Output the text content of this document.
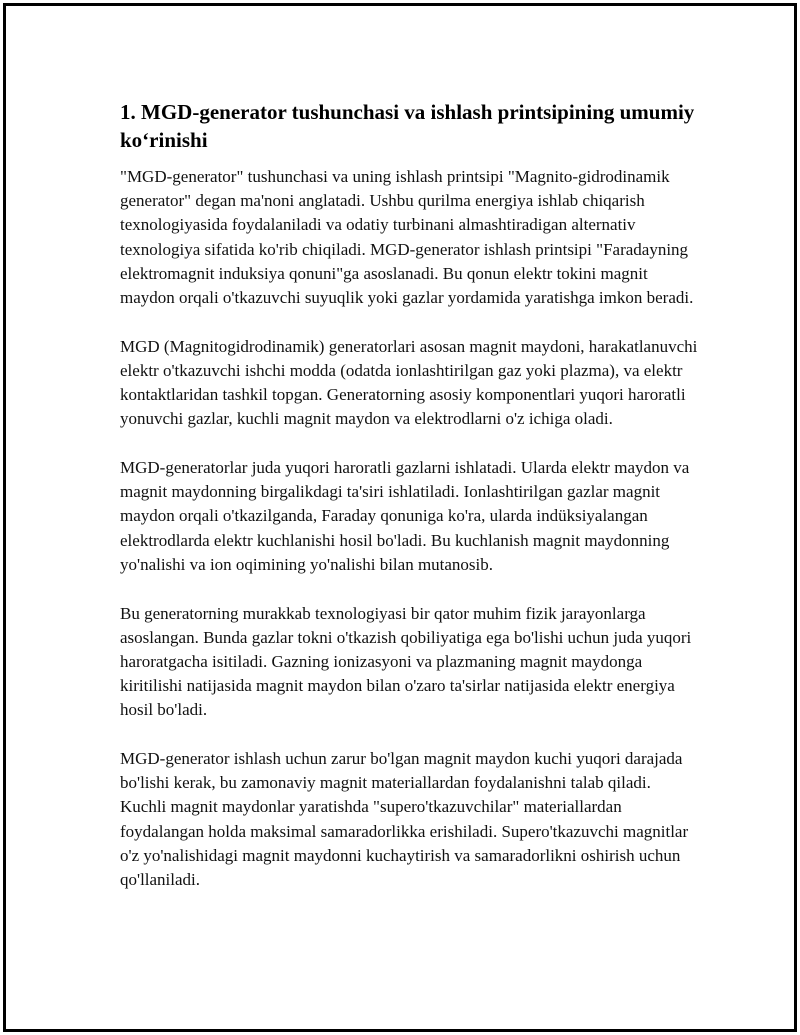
1. MGD-generator tushunchasi va ishlash printsipining umumiy ko‘rinishi

"MGD-generator" tushunchasi va uning ishlash printsipi "Magnito-gidrodinamik generator" degan ma'noni anglatadi. Ushbu qurilma energiya ishlab chiqarish texnologiyasida foydalaniladi va odatiy turbinani almashtiradigan alternativ texnologiya sifatida ko'rib chiqiladi. MGD-generator ishlash printsipi "Faradayning elektromagnit induksiya qonuni"ga asoslanadi. Bu qonun elektr tokini magnit maydon orqali o'tkazuvchi suyuqlik yoki gazlar yordamida yaratishga imkon beradi.

MGD (Magnitogidrodinamik) generatorlari asosan magnit maydoni, harakatlanuvchi elektr o'tkazuvchi ishchi modda (odatda ionlashtirilgan gaz yoki plazma), va elektr kontaktlaridan tashkil topgan. Generatorning asosiy komponentlari yuqori haroratli yonuvchi gazlar, kuchli magnit maydon va elektrodlarni o'z ichiga oladi.

MGD-generatorlar juda yuqori haroratli gazlarni ishlatadi. Ularda elektr maydon va magnit maydonning birgalikdagi ta'siri ishlatiladi. Ionlashtirilgan gazlar magnit maydon orqali o'tkazilganda, Faraday qonuniga ko'ra, ularda indüksiyalangan elektrodlarda elektr kuchlanishi hosil bo'ladi. Bu kuchlanish magnit maydonning yo'nalishi va ion oqimining yo'nalishi bilan mutanosib.

Bu generatorning murakkab texnologiyasi bir qator muhim fizik jarayonlarga asoslangan. Bunda gazlar tokni o'tkazish qobiliyatiga ega bo'lishi uchun juda yuqori haroratgacha isitiladi. Gazning ionizasyoni va plazmaning magnit maydonga kiritilishi natijasida magnit maydon bilan o'zaro ta'sirlar natijasida elektr energiya hosil bo'ladi.

MGD-generator ishlash uchun zarur bo'lgan magnit maydon kuchi yuqori darajada bo'lishi kerak, bu zamonaviy magnit materiallardan foydalanishni talab qiladi. Kuchli magnit maydonlar yaratishda "supero'tkazuvchilar" materiallardan foydalangan holda maksimal samaradorlikka erishiladi. Supero'tkazuvchi magnitlar o'z yo'nalishidagi magnit maydonni kuchaytirish va samaradorlikni oshirish uchun qo'llaniladi.
